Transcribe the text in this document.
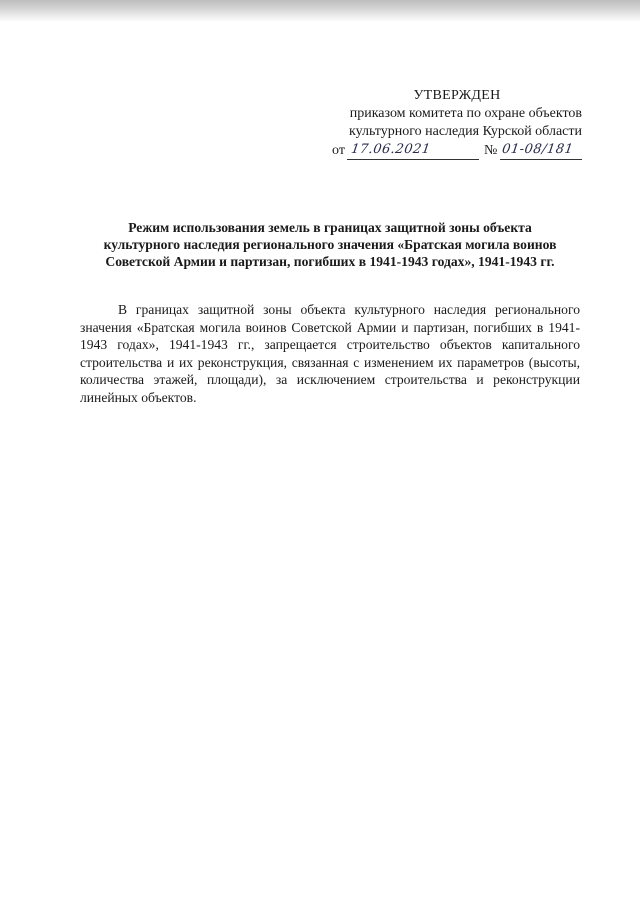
УТВЕРЖДЕН
приказом комитета по охране объектов
культурного наследия Курской области
от 17.06.2021	№ 01-08/181
Режим использования земель в границах защитной зоны объекта
культурного наследия регионального значения «Братская могила воинов
Советской Армии и партизан, погибших в 1941-1943 годах», 1941-1943 гг.

В границах защитной зоны объекта культурного наследия регионального значения «Братская могила воинов Советской Армии и партизан, погибших в 1941-1943 годах», 1941-1943 гг., запрещается строительство объектов капитального строительства и их реконструкция, связанная с изменением их параметров (высоты, количества этажей, площади), за исключением строительства и реконструкции линейных объектов.
